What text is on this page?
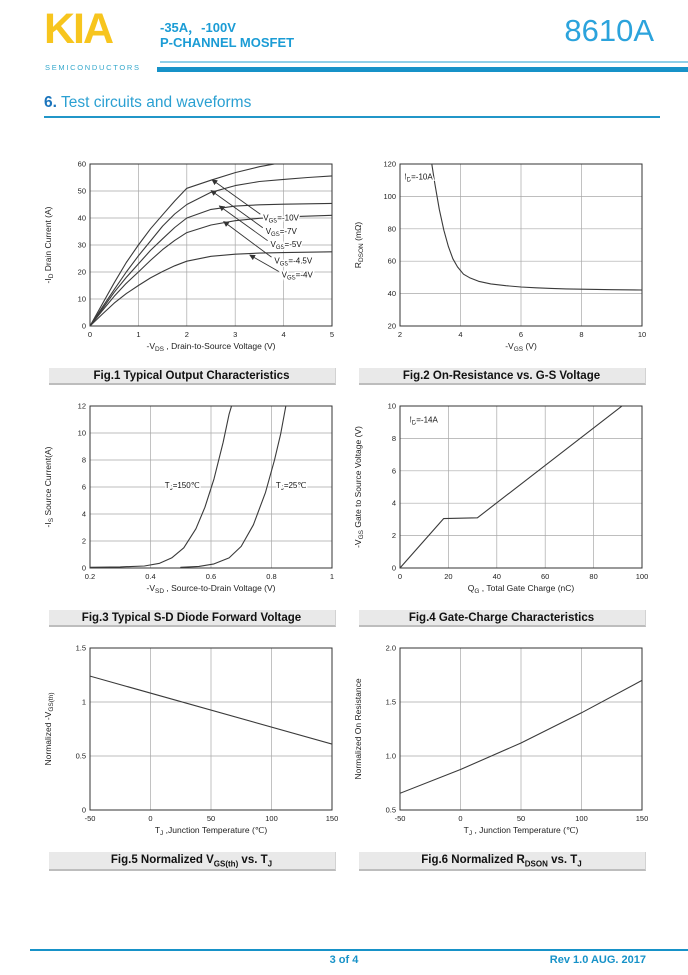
KIA
SEMICONDUCTORS
-35A，-100V
P-CHANNEL MOSFET	8610A
6. Test circuits and waveforms
0	1	2	3	4	5
0
10
20
30
40
50
60
$-V_{DS}$ , Drain-to-Source Voltage (V)
$-I_D$ Drain Current (A)	$V_{GS}=-10V$
$V_{GS}=-7V$
$V_{GS}=-5V$
$V_{GS}=-4.5V$
$V_{GS}=-4V$
Fig.1 Typical Output Characteristics
2	4	6	8	10
20
40
60
80
100
120
$-V_{GS}$ (V)
$R_{DSON}$ (mΩ)
$I_D=-10A$
Fig.2 On-Resistance vs. G-S Voltage
0.2	0.4	0.6	0.8	1
0
2
4
6
8
10
12
$-V_{SD}$ , Source-to-Drain Voltage (V)
$-I_S$ Source Current(A)	$T_J=150℃$	$T_J=25℃$
Fig.3 Typical S-D Diode Forward Voltage
0	20	40	60	80	100
0
2
4
6
8
10
$Q_G$ , Total Gate Charge (nC)
$-V_{GS}$ Gate to Source Voltage (V)
$I_D=-14A$
Fig.4 Gate-Charge Characteristics
-50	0	50	100	150
0
0.5
1
1.5
$T_J$ ,Junction Temperature (℃)
Normalized $-V_{GS(th)}$
Fig.5 Normalized $V_{GS(th)}$ vs. $T_J$
-50	0	50	100	150
0.5
1.0
1.5
2.0
$T_J$ , Junction Temperature (℃)
Normalized On Resistance
Fig.6 Normalized $R_{DSON}$ vs. $T_J$
3 of 4	Rev 1.0 AUG. 2017
